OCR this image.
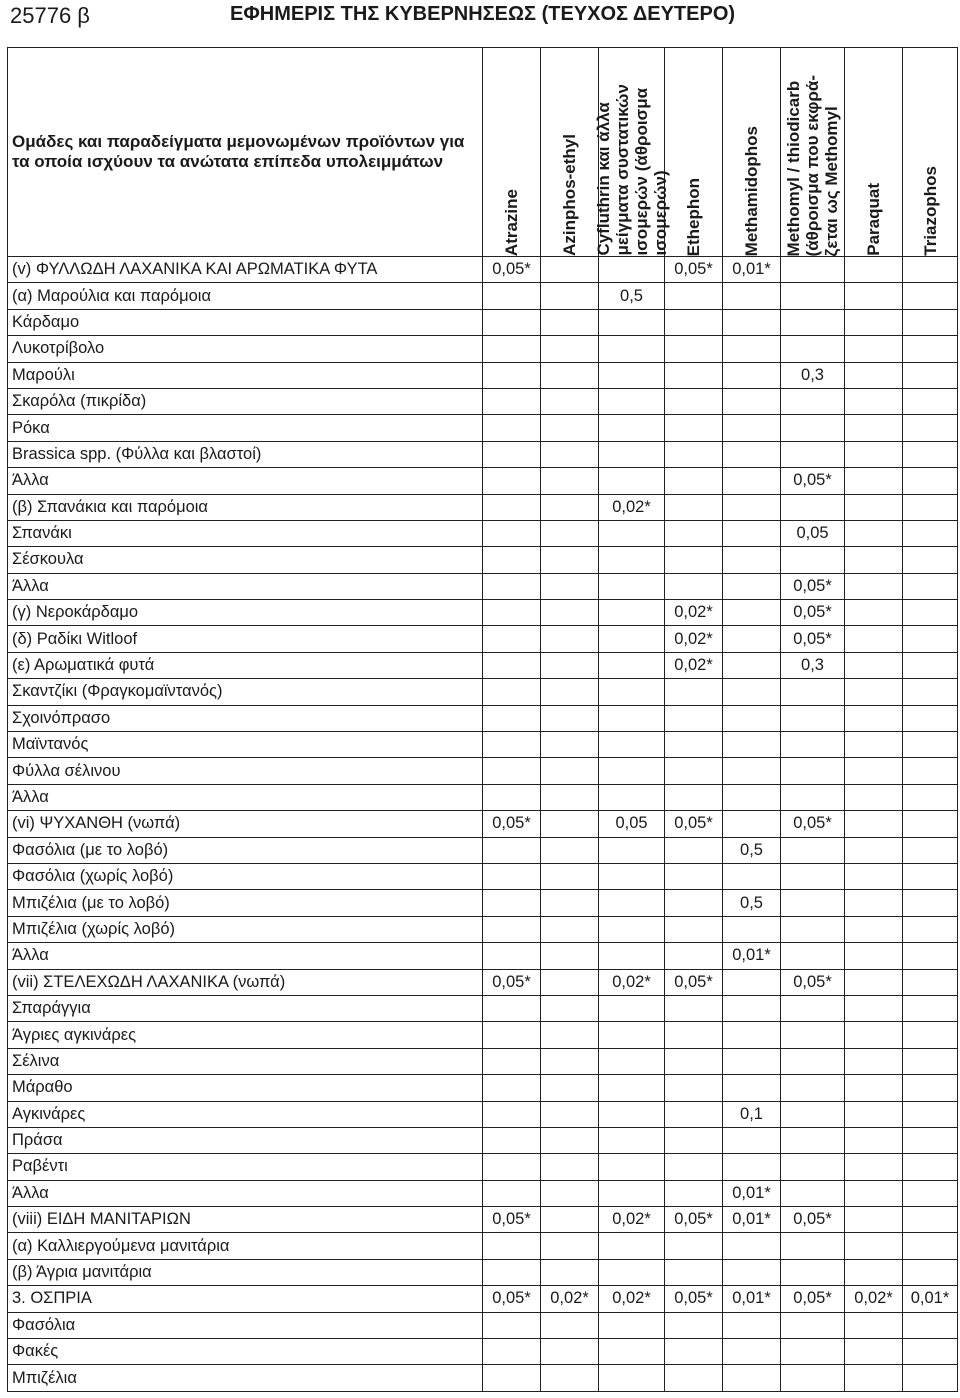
25776 β	ΕΦΗΜΕΡΙΣ ΤΗΣ ΚΥΒΕΡΝΗΣΕΩΣ (ΤΕΥΧΟΣ ΔΕΥΤΕΡΟ)
Ομάδες και παραδείγματα μεμονωμένων προϊόντων για τα οποία ισχύουν τα ανώτατα επίπεδα υπολειμμάτων	Atrazine	Azinphos-ethyl	Cyfluthrin και άλλα
μείγματα συστατικών
ισομερών (άθροισμα
ισομερών)	Ethephon	Methamidophos	Methomyl / thiodicarb
(άθροισμα που εκφρά-
ζεται ως Methomyl	Paraquat	Triazophos

(v) ΦΥΛΛΩΔΗ ΛΑΧΑΝΙΚΑ ΚΑΙ ΑΡΩΜΑΤΙΚΑ ΦΥΤΑ	0,05*			0,05*	0,01*			
(α) Μαρούλια και παρόμοια			0,5					
Κάρδαμο								
Λυκοτρίβολο								
Μαρούλι						0,3		
Σκαρόλα (πικρίδα)								
Ρόκα								
Brassica spp. (Φύλλα και βλαστοί)								
Άλλα						0,05*		
(β) Σπανάκια και παρόμοια			0,02*					
Σπανάκι						0,05		
Σέσκουλα								
Άλλα						0,05*		
(γ) Νεροκάρδαμο				0,02*		0,05*		
(δ) Ραδίκι Witloof				0,02*		0,05*		
(ε) Αρωματικά φυτά				0,02*		0,3		
Σκαντζίκι (Φραγκομαϊντανός)								
Σχοινόπρασο								
Μαϊντανός								
Φύλλα σέλινου								
Άλλα								
(vi) ΨΥΧΑΝΘΗ (νωπά)	0,05*		0,05	0,05*		0,05*		
Φασόλια (με το λοβό)					0,5			
Φασόλια (χωρίς λοβό)								
Μπιζέλια (με το λοβό)					0,5			
Μπιζέλια (χωρίς λοβό)								
Άλλα					0,01*			
(vii) ΣΤΕΛΕΧΩΔΗ ΛΑΧΑΝΙΚΑ (νωπά)	0,05*		0,02*	0,05*		0,05*		
Σπαράγγια								
Άγριες αγκινάρες								
Σέλινα								
Μάραθο								
Αγκινάρες					0,1			
Πράσα								
Ραβέντι								
Άλλα					0,01*			
(viii) ΕΙΔΗ ΜΑΝΙΤΑΡΙΩΝ	0,05*		0,02*	0,05*	0,01*	0,05*		
(α) Καλλιεργούμενα μανιτάρια								
(β) Άγρια μανιτάρια								
3. ΟΣΠΡΙΑ	0,05*	0,02*	0,02*	0,05*	0,01*	0,05*	0,02*	0,01*
Φασόλια								
Φακές								
Μπιζέλια								
